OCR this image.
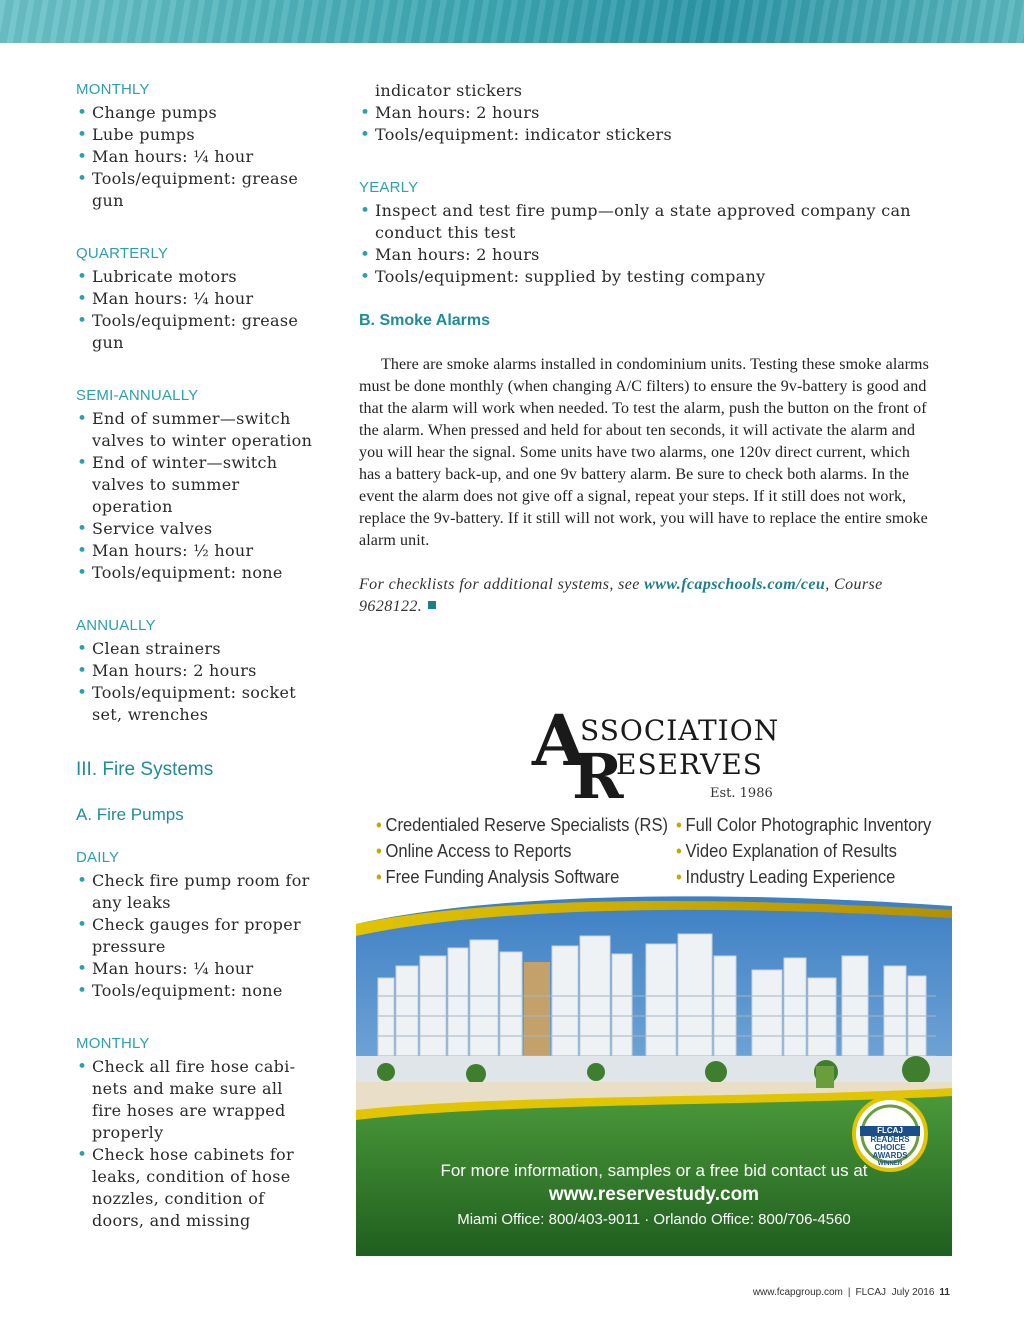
MONTHLY
• Change pumps
• Lube pumps
• Man hours: ¼ hour
• Tools/equipment: grease gun
QUARTERLY
• Lubricate motors
• Man hours: ¼ hour
• Tools/equipment: grease gun
SEMI-ANNUALLY
• End of summer—switch valves to winter operation
• End of winter—switch valves to summer operation
• Service valves
• Man hours: ½ hour
• Tools/equipment: none
ANNUALLY
• Clean strainers
• Man hours: 2 hours
• Tools/equipment: socket set, wrenches
III. Fire Systems
A. Fire Pumps
DAILY
• Check fire pump room for any leaks
• Check gauges for proper pressure
• Man hours: ¼ hour
• Tools/equipment: none
MONTHLY
• Check all fire hose cabi-nets and make sure all fire hoses are wrapped properly
• Check hose cabinets for leaks, condition of hose nozzles, condition of doors, and missing
indicator stickers
• Man hours: 2 hours
• Tools/equipment: indicator stickers
YEARLY
• Inspect and test fire pump—only a state approved company can conduct this test
• Man hours: 2 hours
• Tools/equipment: supplied by testing company
B. Smoke Alarms

There are smoke alarms installed in condominium units. Testing these smoke alarms must be done monthly (when changing A/C filters) to ensure the 9v-battery is good and that the alarm will work when needed. To test the alarm, push the button on the front of the alarm. When pressed and held for about ten seconds, it will activate the alarm and you will hear the signal. Some units have two alarms, one 120v direct current, which has a battery back-up, and one 9v battery alarm. Be sure to check both alarms. In the event the alarm does not give off a signal, repeat your steps. If it still does not work, replace the 9v-battery. If it still will not work, you will have to replace the entire smoke alarm unit.

For checklists for additional systems, see www.fcapschools.com/ceu, Course 9628122.

A
SSOCIATION
R
ESERVES
Est. 1986
• Credentialed Reserve Specialists (RS)
• Online Access to Reports
• Free Funding Analysis Software
• Full Color Photographic Inventory
• Video Explanation of Results
• Industry Leading Experience
FLCAJ
READERS
CHOICE
AWARDS
WINNER
For more information, samples or a free bid contact us at
www.reservestudy.com
Miami Office: 800/403-9011 · Orlando Office: 800/706-4560
www.fcapgroup.com | FLCAJ July 2016 11
